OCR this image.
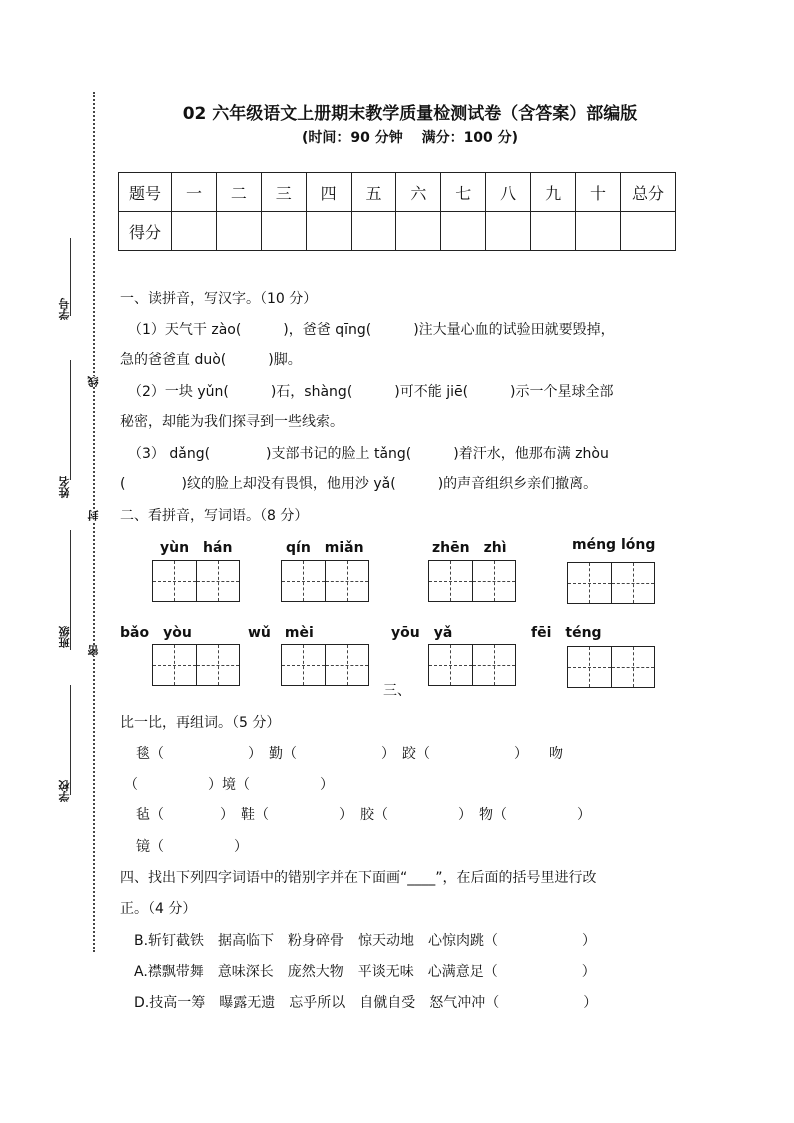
学号
姓名
班级
学校
线
封
密
02 六年级语文上册期末教学质量检测试卷（含答案）部编版
(时间：90 分钟　 满分：100 分)
题号	一	二	三	四	五	六	七	八	九	十	总分
得分											
一、读拼音，写汉字。（10 分）
（1）天气干 zào(　　　)，爸爸 qīng(　　　)注大量心血的试验田就要毁掉，
急的爸爸直 duò(　　　)脚。
（2）一块 yǔn(　　　)石，shàng(　　　)可不能 jiē(　　　)示一个星球全部
秘密，却能为我们探寻到一些线索。
（3） dǎng(　　　　)支部书记的脸上 tǎng(　　　)着汗水，他那布满 zhòu
(　　　　)纹的脸上却没有畏惧，他用沙 yǎ(　　　)的声音组织乡亲们撤离。
二、看拼音，写词语。（8 分）
yùn　hán	qín　miǎn	zhēn　zhì	méng lóng
bǎo　yòu	wǔ　mèi	yōu　yǎ	fēi　téng
三、
比一比，再组词。（5 分）
毯（　　　　　　）　勤（　　　　　　）　跤（　　　　　　）　　吻
（　　　　　）境（　　　　　）
毡（　　　　）　鞋（　　　　　）　胶（　　　　　）　物（　　　　　）
镜（　　　　　）
四、找出下列四字词语中的错别字并在下面画“____”，在后面的括号里进行改
正。（4 分）
B.斩钉截铁　据高临下　粉身碎骨　惊天动地　心惊肉跳（　　　　　　）
A.襟飘带舞　意味深长　庞然大物　平谈无味　心满意足（　　　　　　）
D.技高一筹　曝露无遗　忘乎所以　自僦自受　怒气冲冲（　　　　　　）
